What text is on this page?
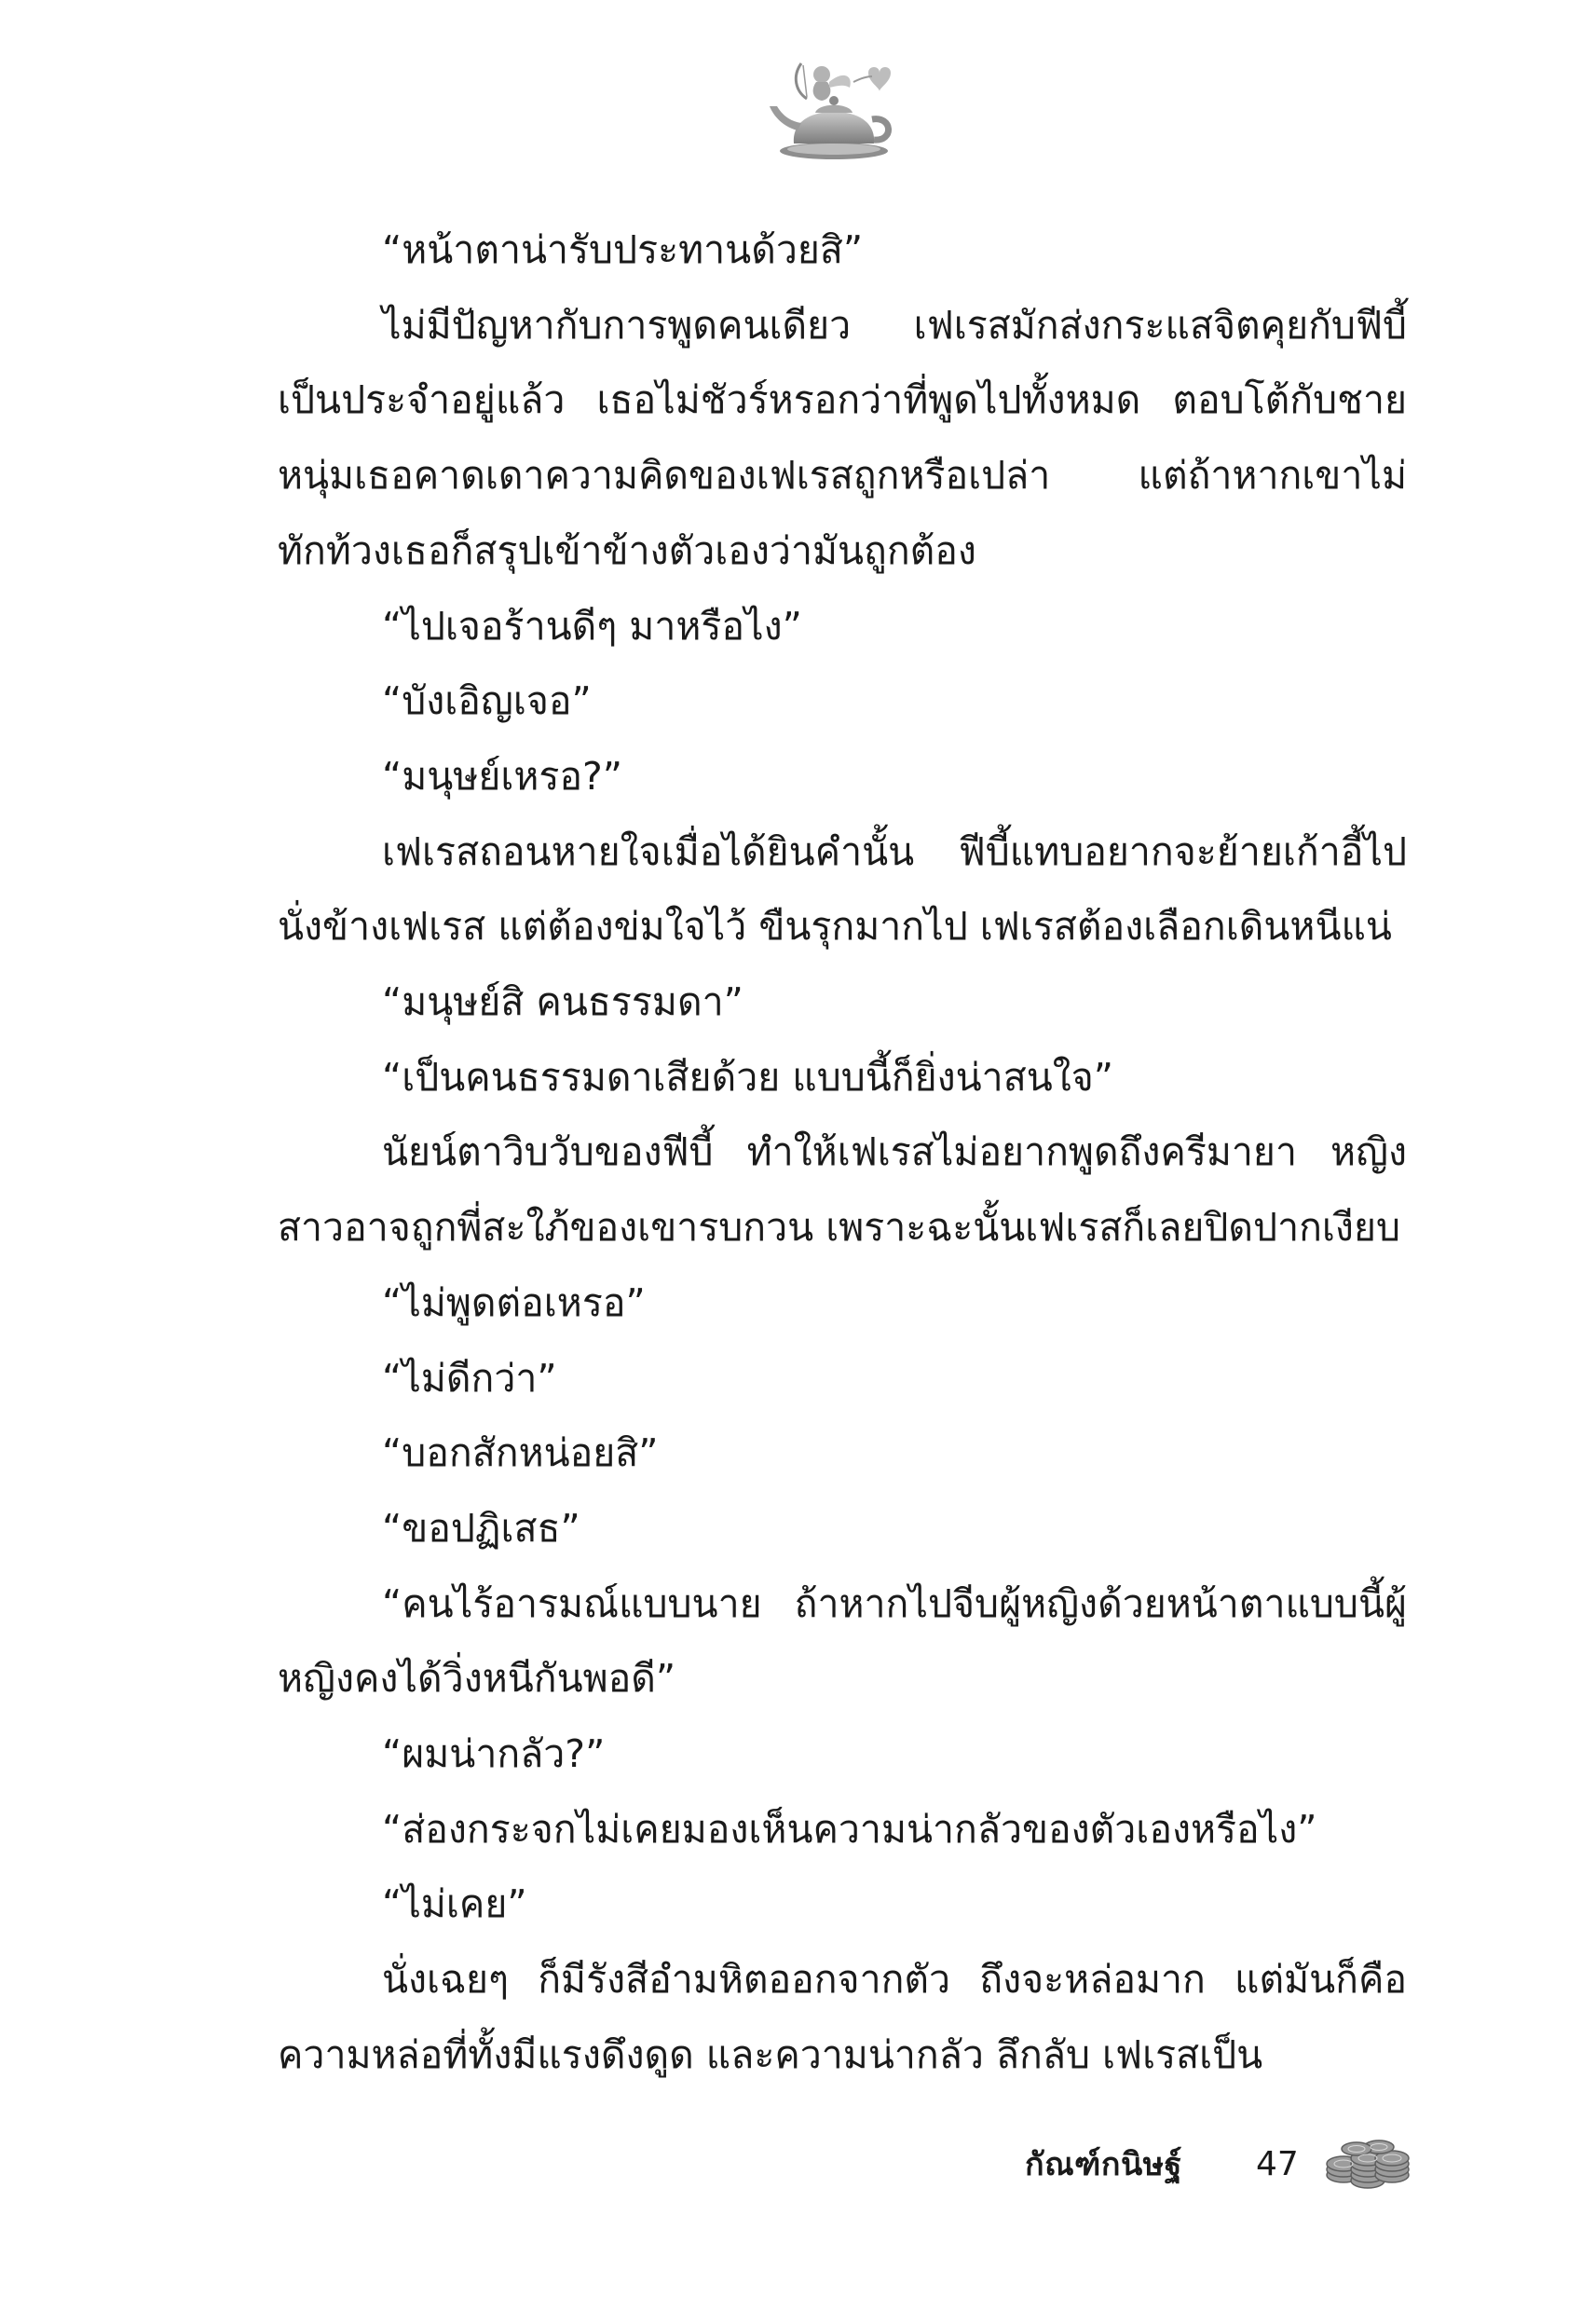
“หน้าตาน่ารับประทานด้วยสิ”

ไม่มีปัญหากับการพูดคนเดียว เฟเรสมักส่งกระแสจิตคุยกับฟีบี้เป็นประจำอยู่แล้ว เธอไม่ชัวร์หรอกว่าที่พูดไปทั้งหมด ตอบโต้กับชายหนุ่มเธอคาดเดาความคิดของเฟเรสถูกหรือเปล่า แต่ถ้าหากเขาไม่ทักท้วงเธอก็สรุปเข้าข้างตัวเองว่ามันถูกต้อง

“ไปเจอร้านดีๆ มาหรือไง”

“บังเอิญเจอ”

“มนุษย์เหรอ?”

เฟเรสถอนหายใจเมื่อได้ยินคำนั้น ฟีบี้แทบอยากจะย้ายเก้าอี้ไปนั่งข้างเฟเรส แต่ต้องข่มใจไว้ ขืนรุกมากไป เฟเรสต้องเลือกเดินหนีแน่

“มนุษย์สิ คนธรรมดา”

“เป็นคนธรรมดาเสียด้วย แบบนี้ก็ยิ่งน่าสนใจ”

นัยน์ตาวิบวับของฟีบี้ ทำให้เฟเรสไม่อยากพูดถึงครีมายา หญิงสาวอาจถูกพี่สะใภ้ของเขารบกวน เพราะฉะนั้นเฟเรสก็เลยปิดปากเงียบ

“ไม่พูดต่อเหรอ”

“ไม่ดีกว่า”

“บอกสักหน่อยสิ”

“ขอปฏิเสธ”

“คนไร้อารมณ์แบบนาย ถ้าหากไปจีบผู้หญิงด้วยหน้าตาแบบนี้ผู้หญิงคงได้วิ่งหนีกันพอดี”

“ผมน่ากลัว?”

“ส่องกระจกไม่เคยมองเห็นความน่ากลัวของตัวเองหรือไง”

“ไม่เคย”

นั่งเฉยๆ ก็มีรังสีอำมหิตออกจากตัว ถึงจะหล่อมาก แต่มันก็คือความหล่อที่ทั้งมีแรงดึงดูด และความน่ากลัว ลึกลับ เฟเรสเป็น

กัณฑ์กนิษฐ์ 47
